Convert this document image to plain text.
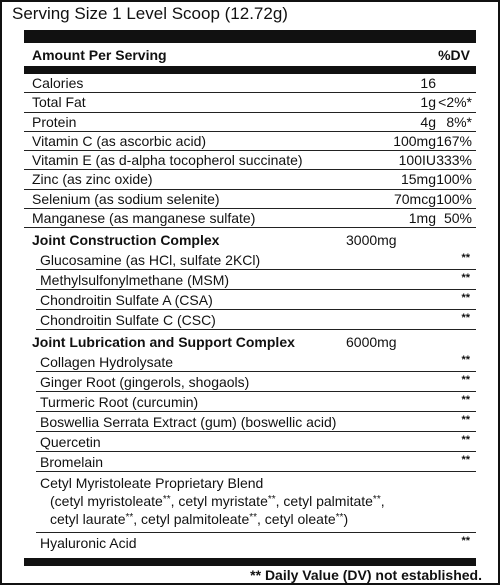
Serving Size 1 Level Scoop (12.72g)
Amount Per Serving	%DV
Calories	16
Total Fat	1g <2%*
Protein	4g 8%*
Vitamin C (as ascorbic acid)	100mg 167%
Vitamin E (as d-alpha tocopherol succinate)	100IU 333%
Zinc (as zinc oxide)	15mg 100%
Selenium (as sodium selenite)	70mcg 100%
Manganese (as manganese sulfate)	1mg 50%
Joint Construction Complex	3000mg
Glucosamine (as HCl, sulfate 2KCl)	**
Methylsulfonylmethane (MSM)	**
Chondroitin Sulfate A (CSA)	**
Chondroitin Sulfate C (CSC)	**
Joint Lubrication and Support Complex	6000mg
Collagen Hydrolysate	**
Ginger Root (gingerols, shogaols)	**
Turmeric Root (curcumin)	**
Boswellia Serrata Extract (gum) (boswellic acid)	**
Quercetin	**
Bromelain	**
Cetyl Myristoleate Proprietary Blend
(cetyl myristoleate**, cetyl myristate**, cetyl palmitate**,
cetyl laurate**, cetyl palmitoleate**, cetyl oleate**)
Hyaluronic Acid	**
** Daily Value (DV) not established.
